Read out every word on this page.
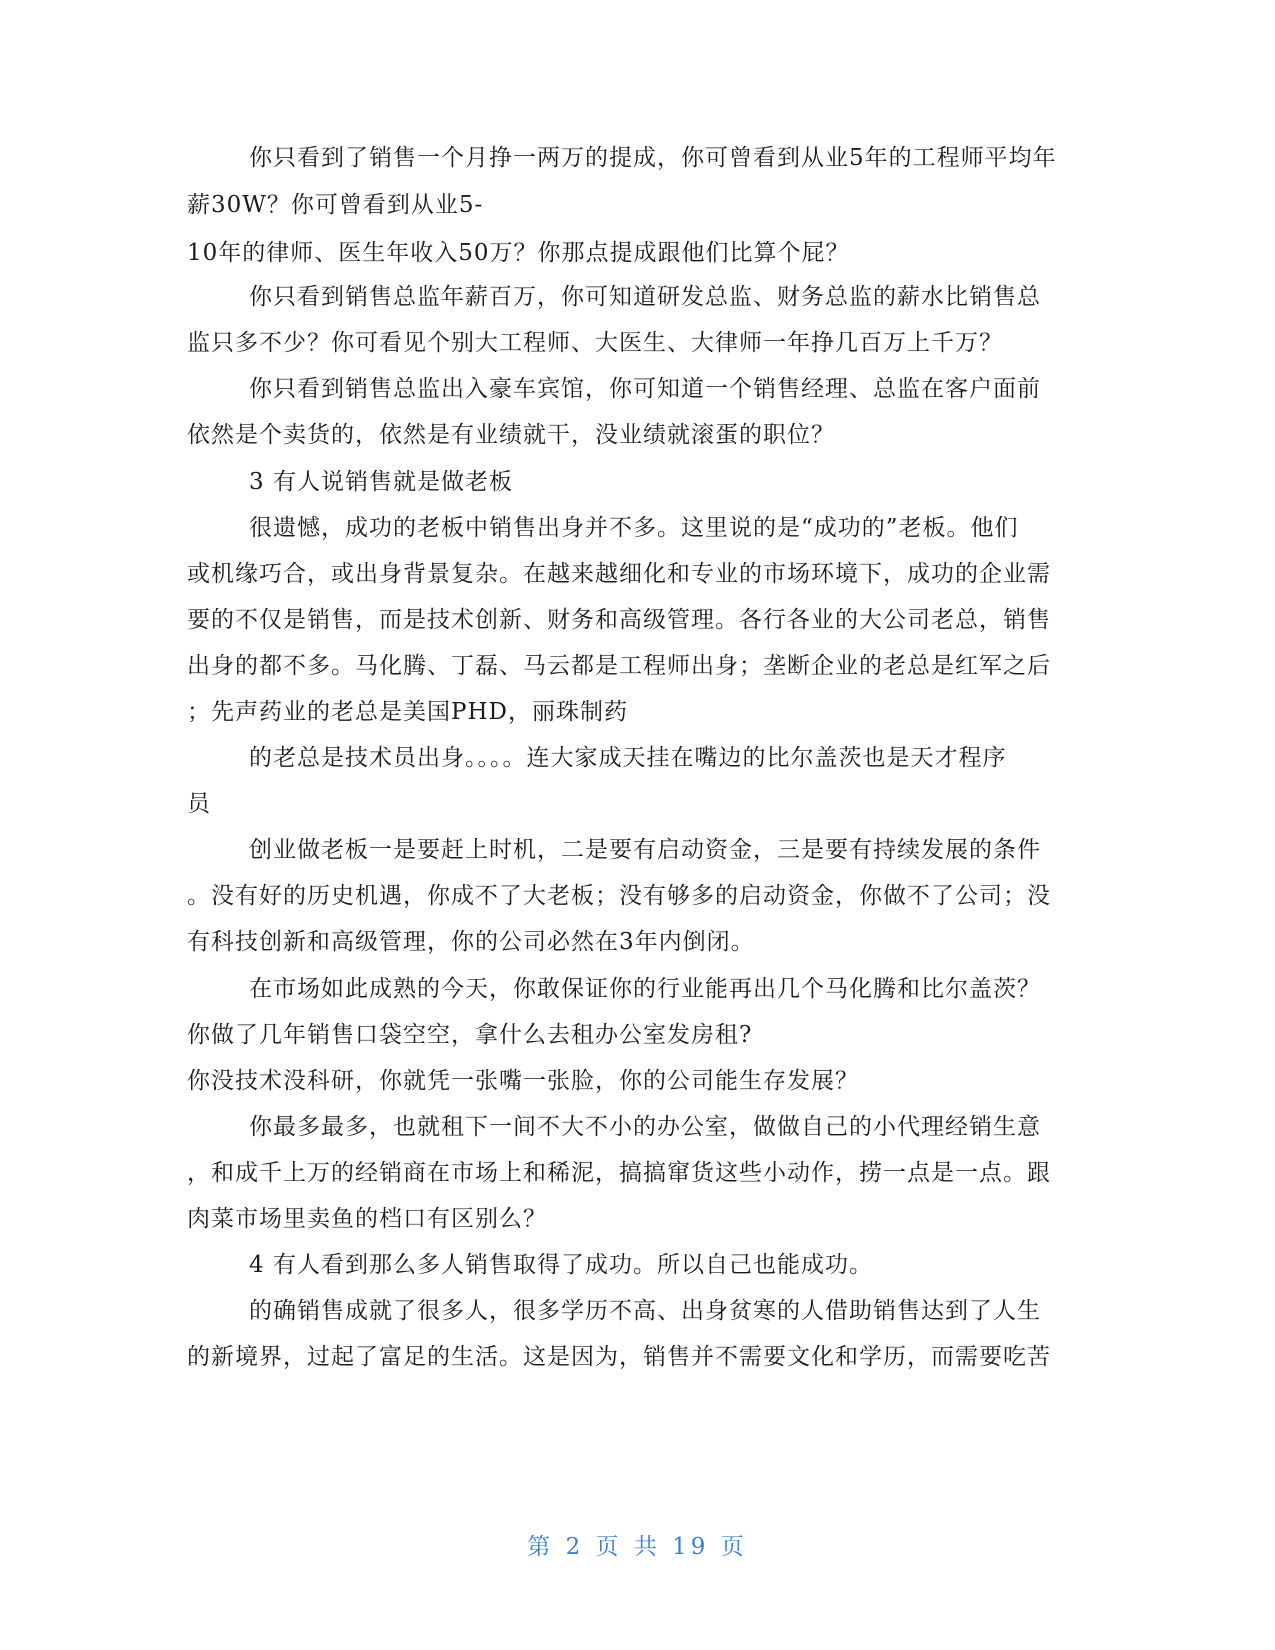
你只看到了销售一个月挣一两万的提成，你可曾看到从业5年的工程师平均年
薪30W？你可曾看到从业5-
10年的律师、医生年收入50万？你那点提成跟他们比算个屁？
你只看到销售总监年薪百万，你可知道研发总监、财务总监的薪水比销售总
监只多不少？你可看见个别大工程师、大医生、大律师一年挣几百万上千万？
你只看到销售总监出入豪车宾馆，你可知道一个销售经理、总监在客户面前
依然是个卖货的，依然是有业绩就干，没业绩就滚蛋的职位？
3 有人说销售就是做老板
很遗憾，成功的老板中销售出身并不多。这里说的是“成功的”老板。他们
或机缘巧合，或出身背景复杂。在越来越细化和专业的市场环境下，成功的企业需
要的不仅是销售，而是技术创新、财务和高级管理。各行各业的大公司老总，销售
出身的都不多。马化腾、丁磊、马云都是工程师出身；垄断企业的老总是红军之后
；先声药业的老总是美国PHD，丽珠制药
的老总是技术员出身。。。。连大家成天挂在嘴边的比尔盖茨也是天才程序
员
创业做老板一是要赶上时机，二是要有启动资金，三是要有持续发展的条件
。没有好的历史机遇，你成不了大老板；没有够多的启动资金，你做不了公司；没
有科技创新和高级管理，你的公司必然在3年内倒闭。
在市场如此成熟的今天，你敢保证你的行业能再出几个马化腾和比尔盖茨？
你做了几年销售口袋空空，拿什么去租办公室发房租?
你没技术没科研，你就凭一张嘴一张脸，你的公司能生存发展？
你最多最多，也就租下一间不大不小的办公室，做做自己的小代理经销生意
，和成千上万的经销商在市场上和稀泥，搞搞窜货这些小动作，捞一点是一点。跟
肉菜市场里卖鱼的档口有区别么？
4 有人看到那么多人销售取得了成功。所以自己也能成功。
的确销售成就了很多人，很多学历不高、出身贫寒的人借助销售达到了人生
的新境界，过起了富足的生活。这是因为，销售并不需要文化和学历，而需要吃苦
第 2 页 共 19 页
